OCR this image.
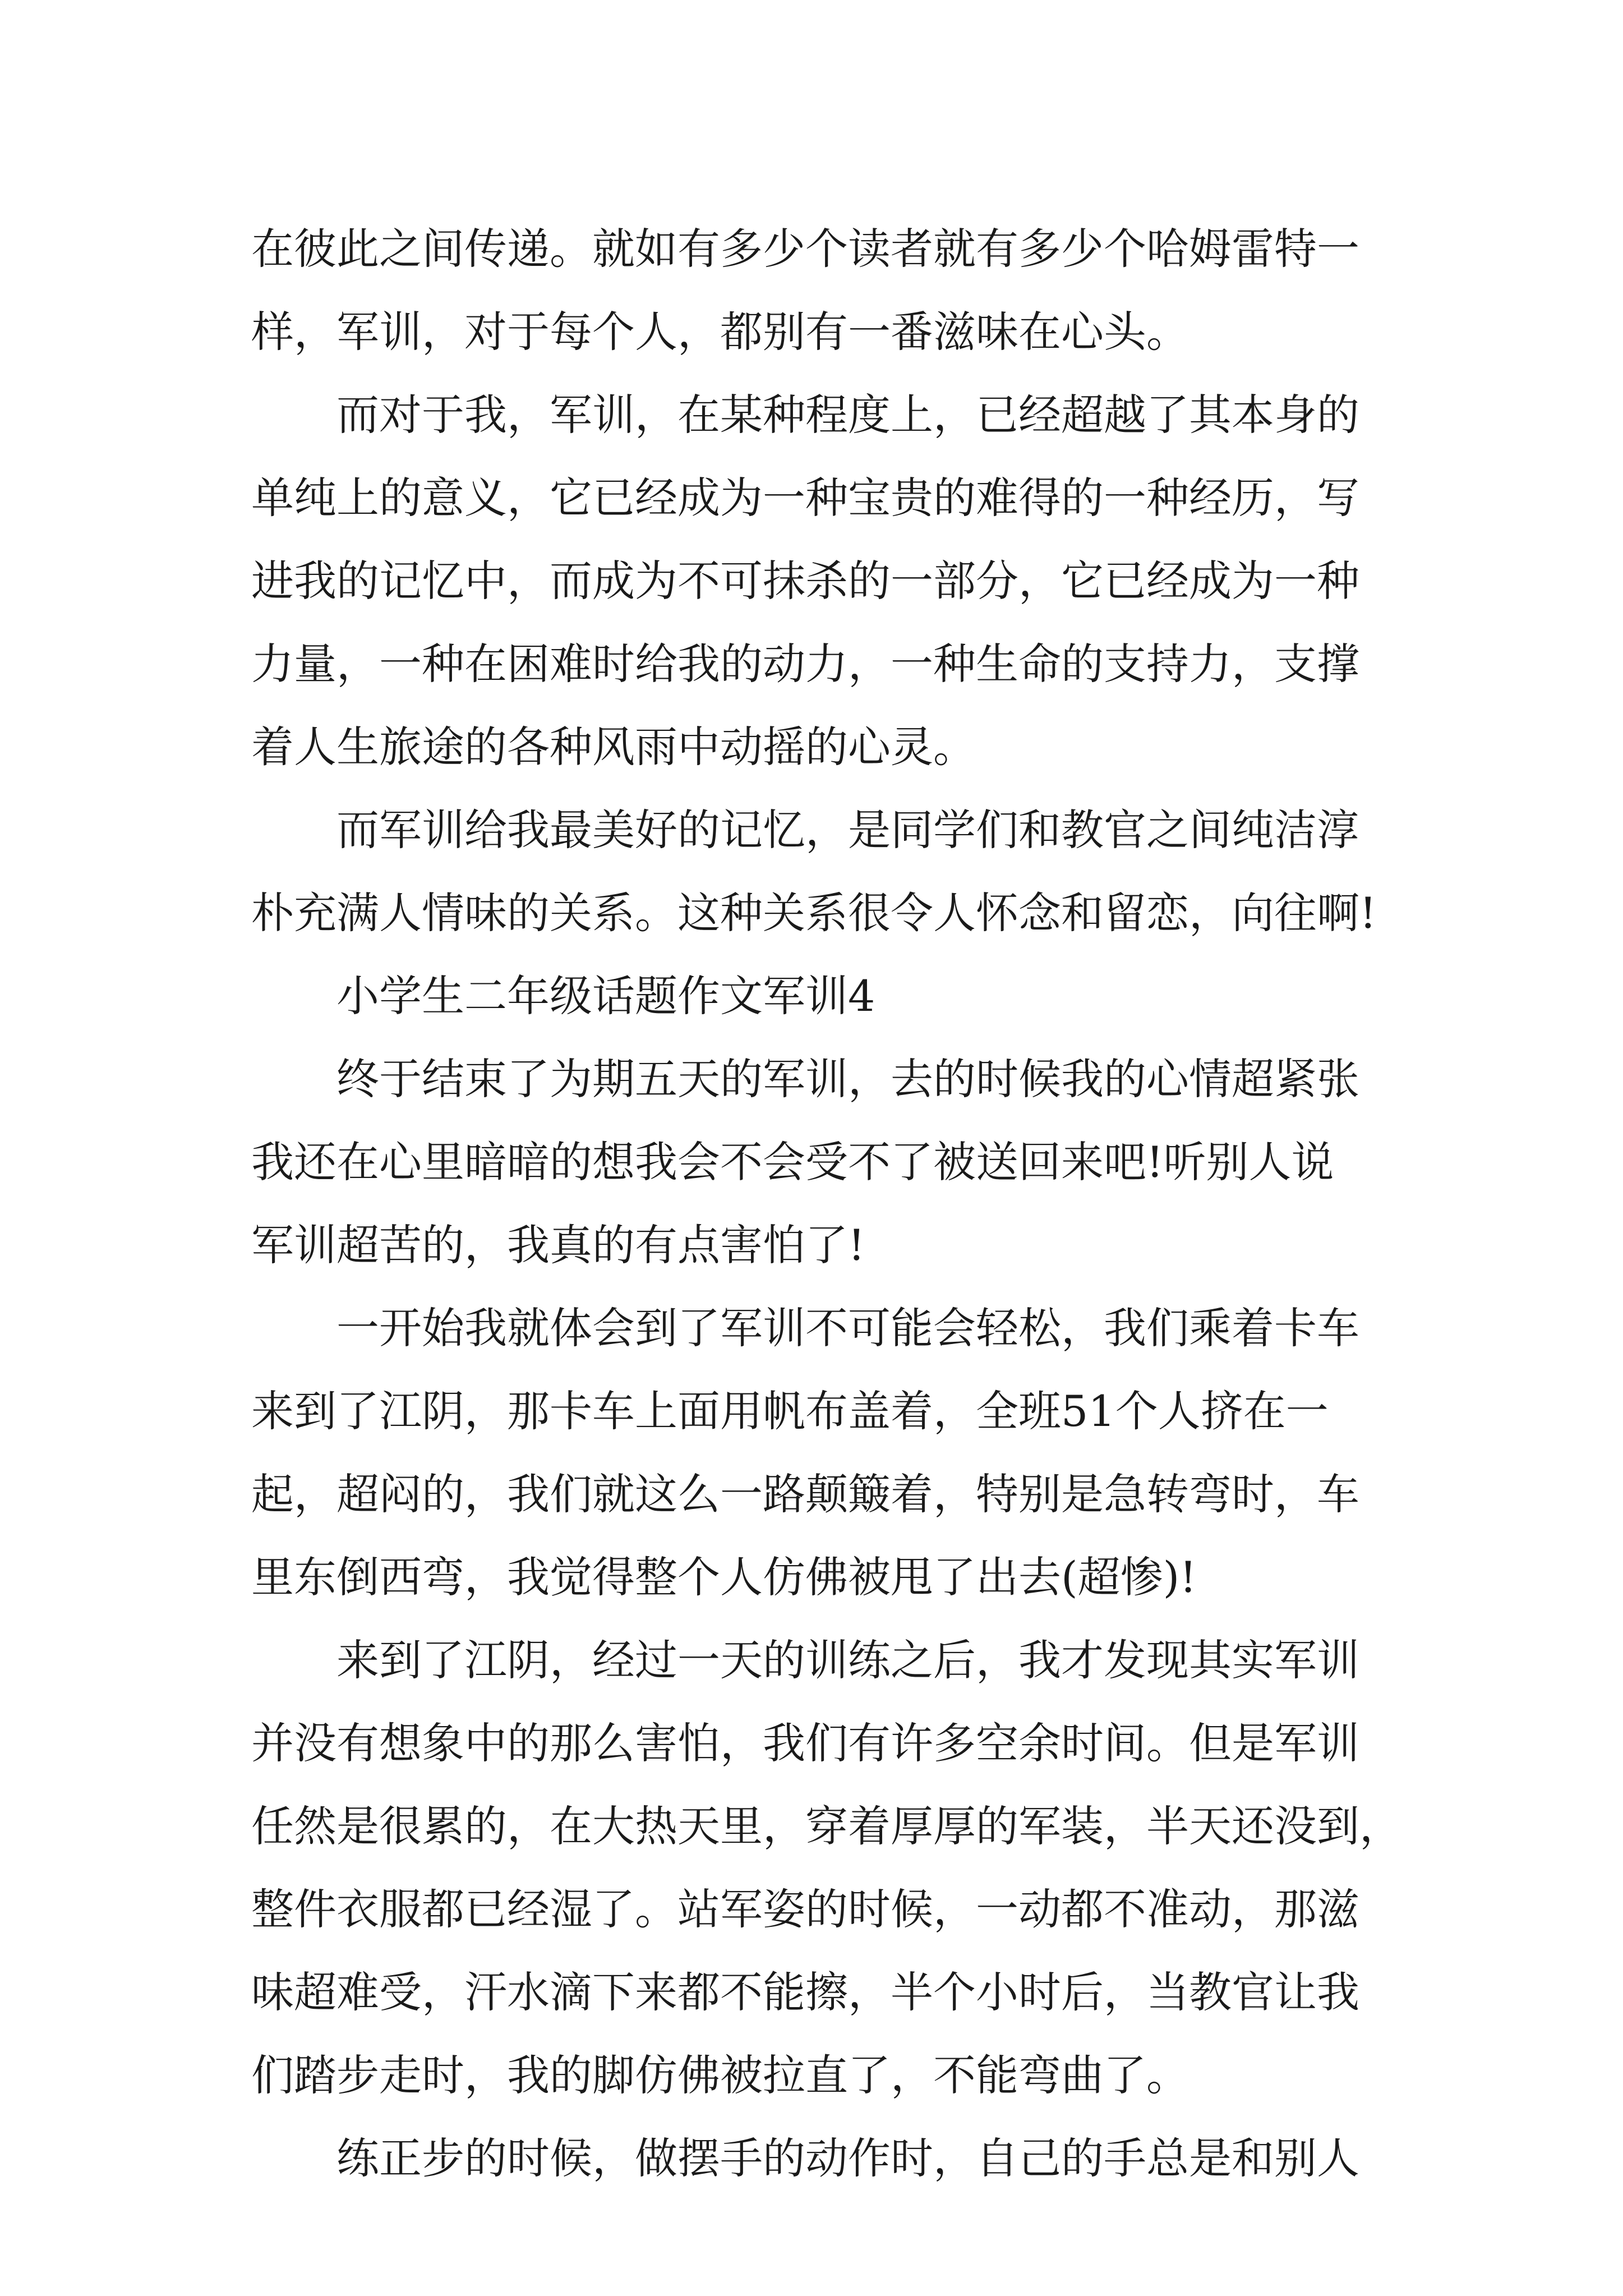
在彼此之间传递。就如有多少个读者就有多少个哈姆雷特一
样，军训，对于每个人，都别有一番滋味在心头。
而对于我，军训，在某种程度上，已经超越了其本身的
单纯上的意义，它已经成为一种宝贵的难得的一种经历，写
进我的记忆中，而成为不可抹杀的一部分，它已经成为一种
力量，一种在困难时给我的动力，一种生命的支持力，支撑
着人生旅途的各种风雨中动摇的心灵。
而军训给我最美好的记忆，是同学们和教官之间纯洁淳
朴充满人情味的关系。这种关系很令人怀念和留恋，向往啊!
小学生二年级话题作文军训4
终于结束了为期五天的军训，去的时候我的心情超紧张
我还在心里暗暗的想我会不会受不了被送回来吧!听别人说
军训超苦的，我真的有点害怕了!
一开始我就体会到了军训不可能会轻松，我们乘着卡车
来到了江阴，那卡车上面用帆布盖着，全班51个人挤在一
起，超闷的，我们就这么一路颠簸着，特别是急转弯时，车
里东倒西弯，我觉得整个人仿佛被甩了出去(超惨)!
来到了江阴，经过一天的训练之后，我才发现其实军训
并没有想象中的那么害怕，我们有许多空余时间。但是军训
任然是很累的，在大热天里，穿着厚厚的军装，半天还没到，
整件衣服都已经湿了。站军姿的时候，一动都不准动，那滋
味超难受，汗水滴下来都不能擦，半个小时后，当教官让我
们踏步走时，我的脚仿佛被拉直了，不能弯曲了。
练正步的时候，做摆手的动作时，自己的手总是和别人
